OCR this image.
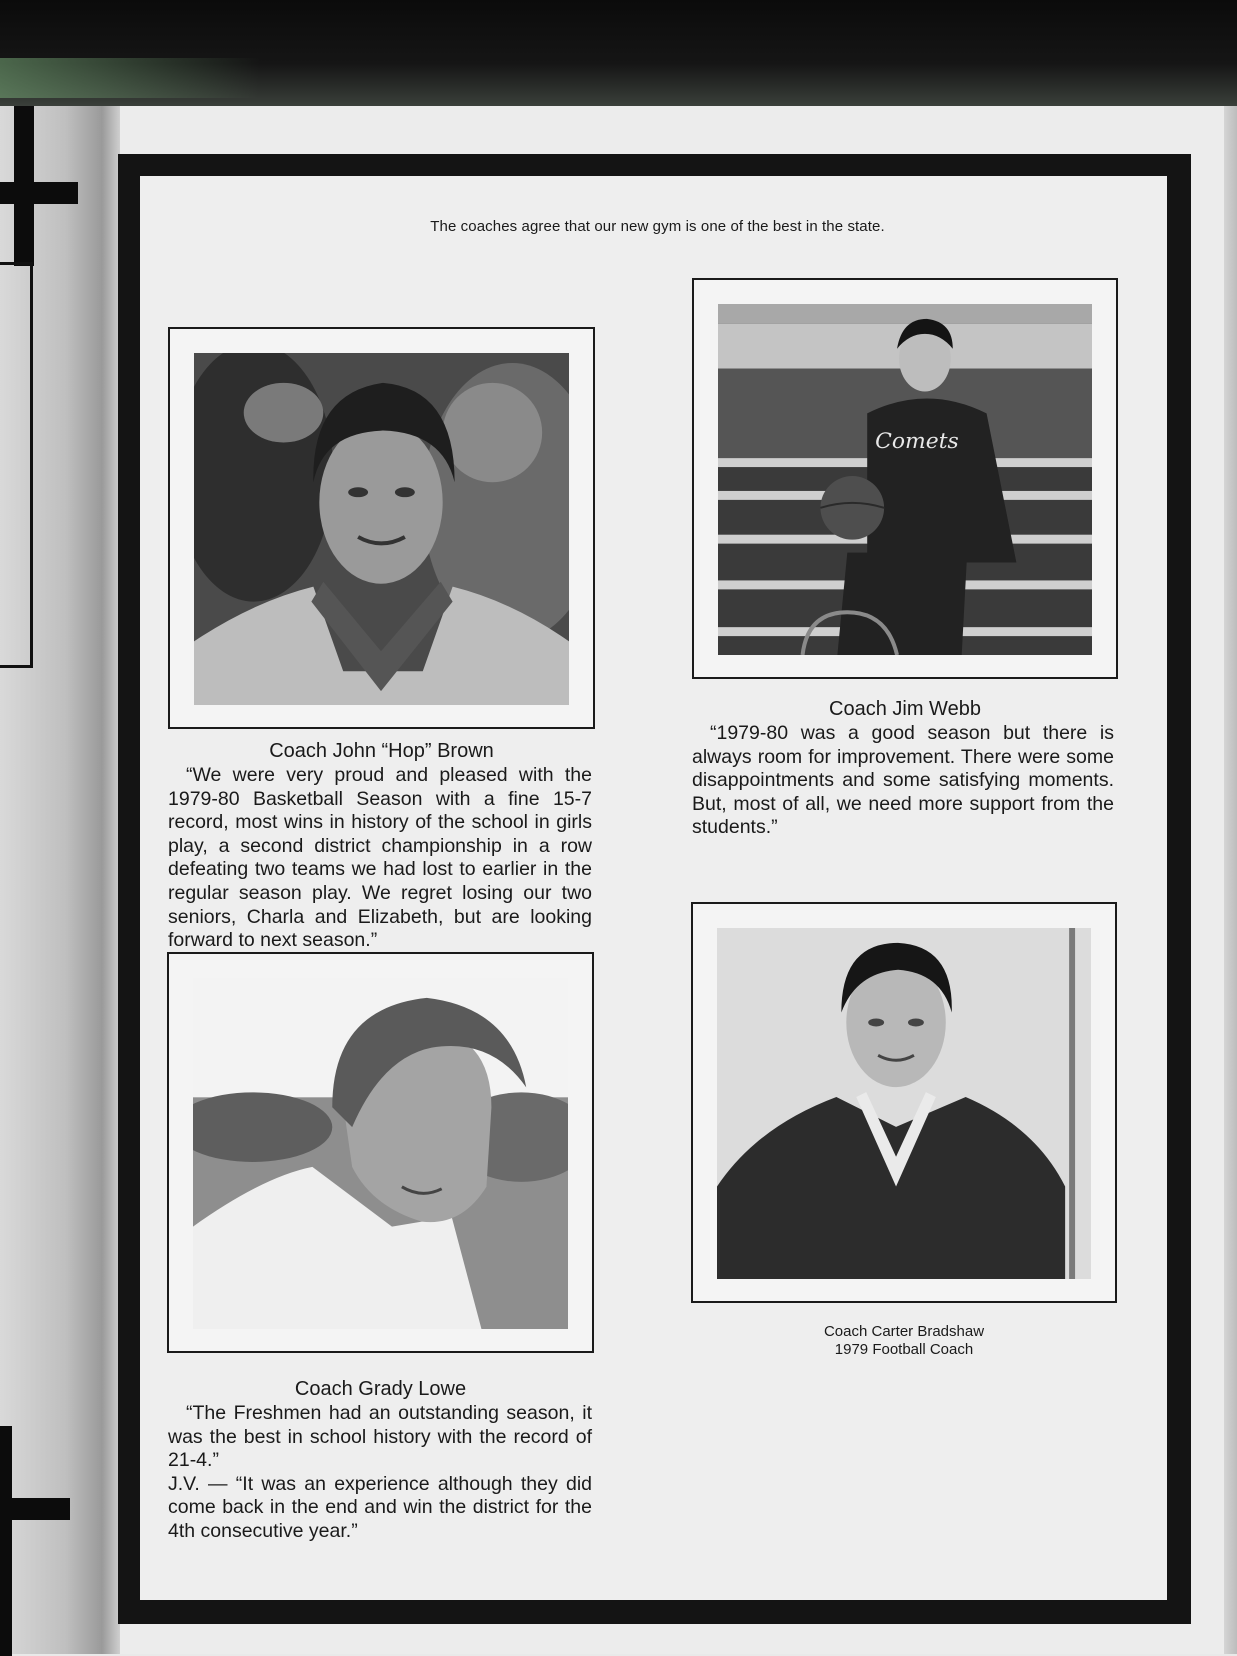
The coaches agree that our new gym is one of the best in the state.
Coach John “Hop” Brown

“We were very proud and pleased with the 1979-80 Basketball Season with a fine 15-7 record, most wins in history of the school in girls play, a second district championship in a row defeating two teams we had lost to earlier in the regular season play. We regret losing our two seniors, Charla and Elizabeth, but are looking forward to next season.”

Comets
Coach Jim Webb

“1979-80 was a good season but there is always room for improvement. There were some disappointments and some satisfying moments. But, most of all, we need more support from the students.”

Coach Grady Lowe

“The Freshmen had an outstanding season, it was the best in school history with the record of 21-4.”

J.V. — “It was an experience although they did come back in the end and win the district for the 4th consecutive year.”

Coach Carter Bradshaw
1979 Football Coach
